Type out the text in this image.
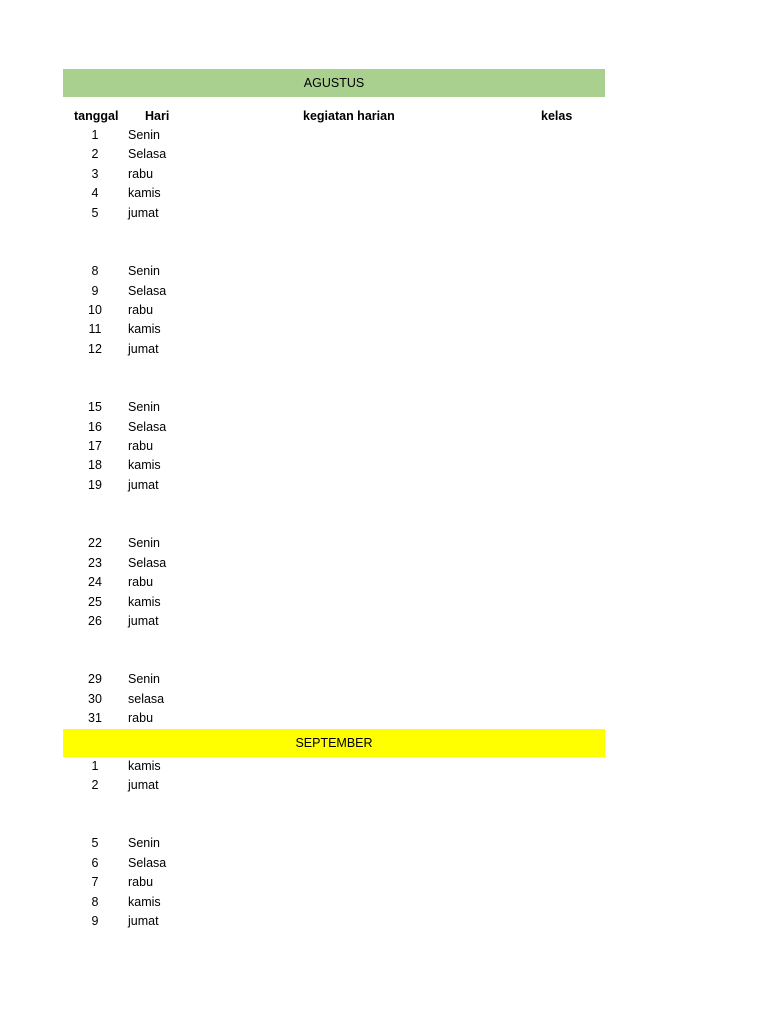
AGUSTUS
tanggal Hari	kegiatan harian	kelas
1	Senin
2	Selasa
3	rabu
4	kamis
5	jumat
8	Senin
9	Selasa
10	rabu
11	kamis
12	jumat
15	Senin
16	Selasa
17	rabu
18	kamis
19	jumat
22	Senin
23	Selasa
24	rabu
25	kamis
26	jumat
29	Senin
30	selasa
31	rabu
SEPTEMBER
1	kamis
2	jumat
5	Senin
6	Selasa
7	rabu
8	kamis
9	jumat
